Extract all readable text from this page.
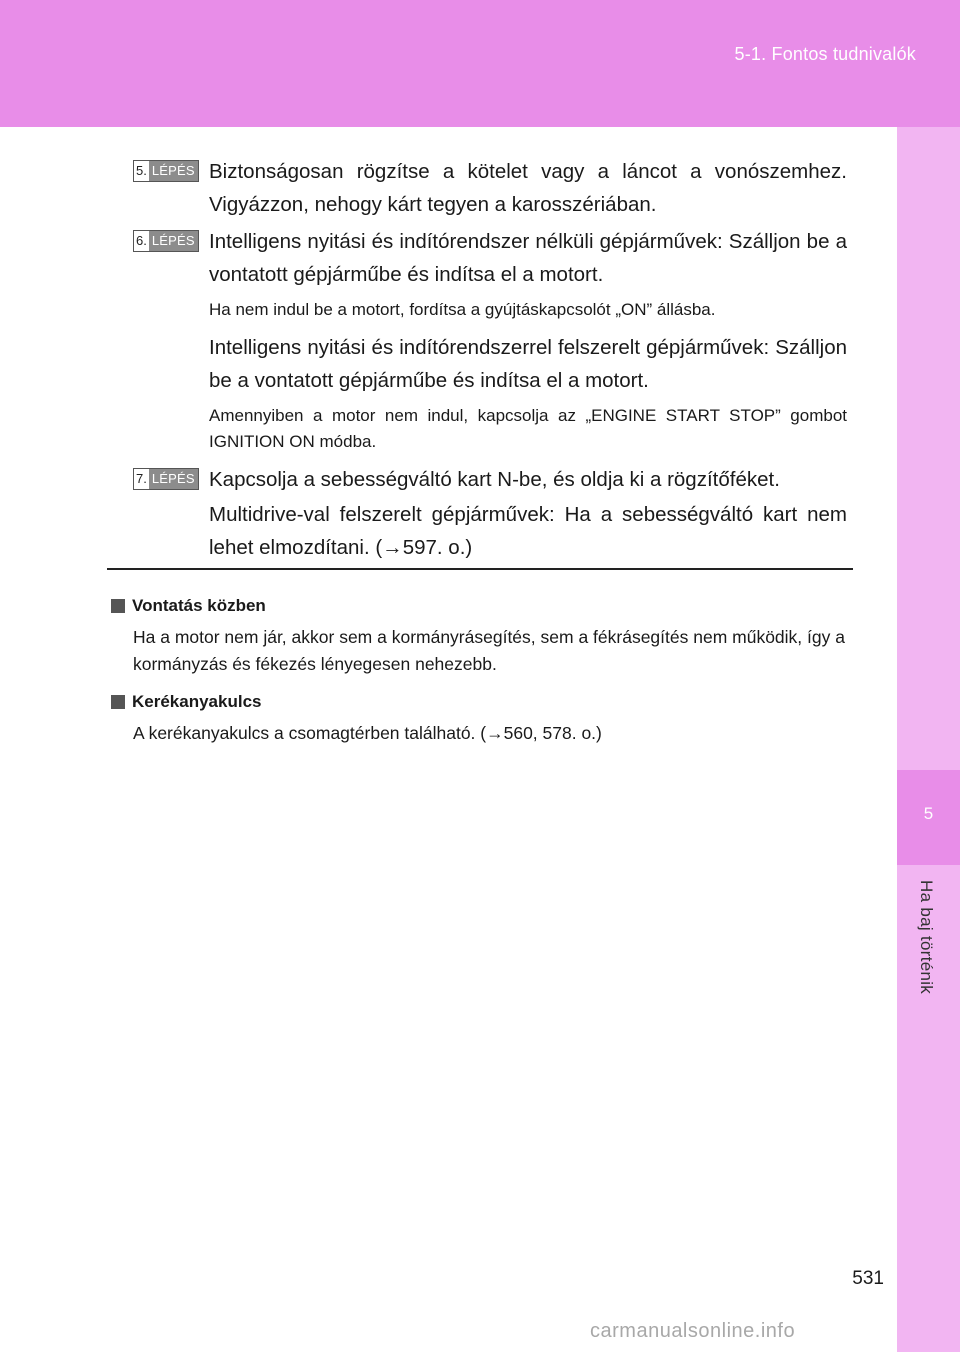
5-1. Fontos tudnivalók
5
Ha baj történik
5. LÉPÉS Biztonságosan rögzítse a kötelet vagy a láncot a vonószemhez. Vigyázzon, nehogy kárt tegyen a karosszériában.

6. LÉPÉS Intelligens nyitási és indítórendszer nélküli gépjárművek: Szálljon be a vontatott gépjárműbe és indítsa el a motort.

Ha nem indul be a motort, fordítsa a gyújtáskapcsolót „ON” állásba.

Intelligens nyitási és indítórendszerrel felszerelt gépjárművek: Szálljon be a vontatott gépjárműbe és indítsa el a motort.

Amennyiben a motor nem indul, kapcsolja az „ENGINE START STOP” gombot IGNITION ON módba.

7. LÉPÉS Kapcsolja a sebességváltó kart N-be, és oldja ki a rögzítőféket.

Multidrive-val felszerelt gépjárművek: Ha a sebességváltó kart nem lehet elmozdítani. (→597. o.)

Vontatás közben

Ha a motor nem jár, akkor sem a kormányrásegítés, sem a fékrásegítés nem működik, így a kormányzás és fékezés lényegesen nehezebb.

Kerékanyakulcs

A kerékanyakulcs a csomagtérben található. (→560, 578. o.)

531
carmanualsonline.info
